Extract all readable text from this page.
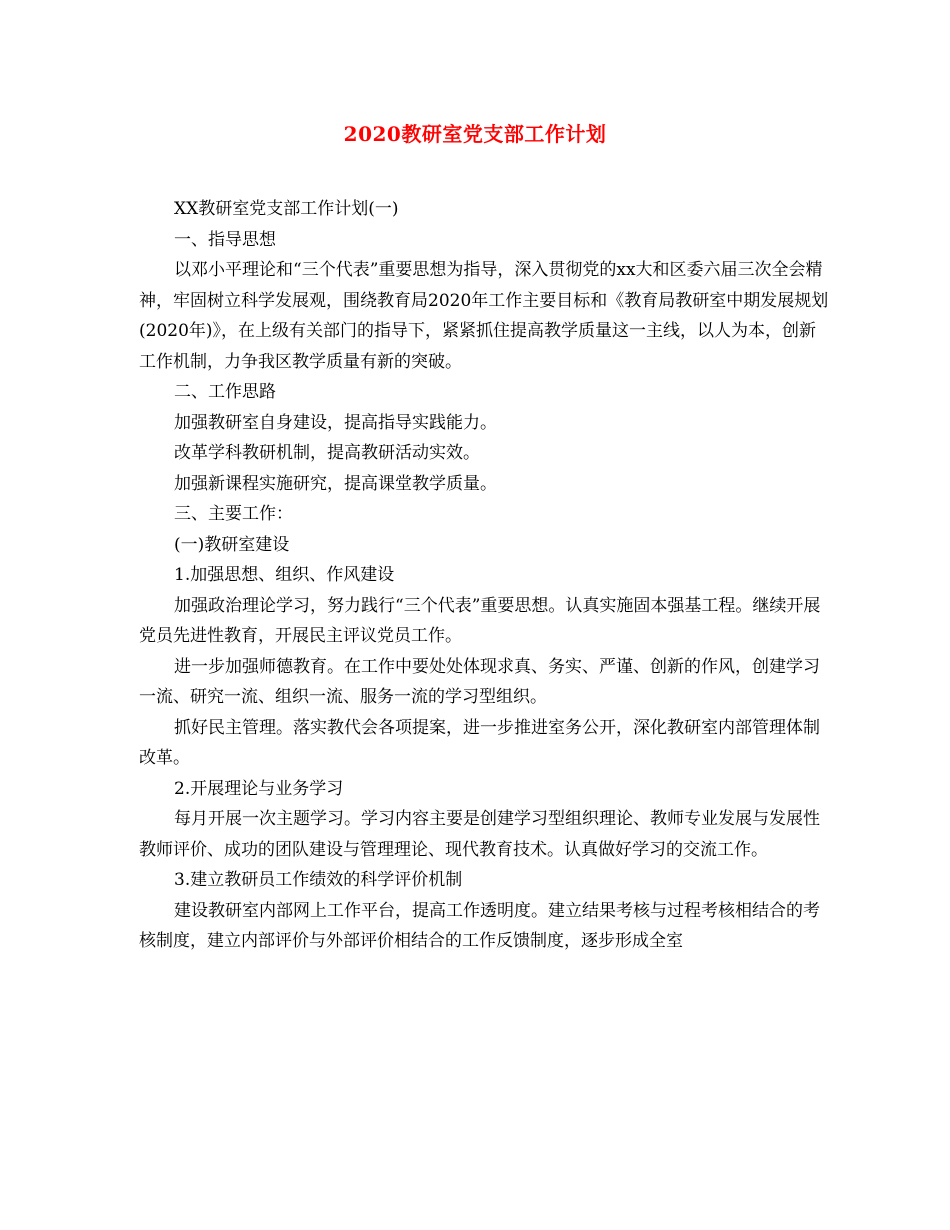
2020教研室党支部工作计划

XX教研室党支部工作计划(一)

一、指导思想

以邓小平理论和“三个代表”重要思想为指导，深入贯彻党的xx大和区委六届三次全会精神，牢固树立科学发展观，围绕教育局2020年工作主要目标和《教育局教研室中期发展规划(2020年)》，在上级有关部门的指导下，紧紧抓住提高教学质量这一主线，以人为本，创新工作机制，力争我区教学质量有新的突破。

二、工作思路

加强教研室自身建设，提高指导实践能力。

改革学科教研机制，提高教研活动实效。

加强新课程实施研究，提高课堂教学质量。

三、主要工作：

(一)教研室建设

1.加强思想、组织、作风建设

加强政治理论学习，努力践行“三个代表”重要思想。认真实施固本强基工程。继续开展党员先进性教育，开展民主评议党员工作。

进一步加强师德教育。在工作中要处处体现求真、务实、严谨、创新的作风，创建学习一流、研究一流、组织一流、服务一流的学习型组织。

抓好民主管理。落实教代会各项提案，进一步推进室务公开，深化教研室内部管理体制改革。

2.开展理论与业务学习

每月开展一次主题学习。学习内容主要是创建学习型组织理论、教师专业发展与发展性教师评价、成功的团队建设与管理理论、现代教育技术。认真做好学习的交流工作。

3.建立教研员工作绩效的科学评价机制

建设教研室内部网上工作平台，提高工作透明度。建立结果考核与过程考核相结合的考核制度，建立内部评价与外部评价相结合的工作反馈制度，逐步形成全室
